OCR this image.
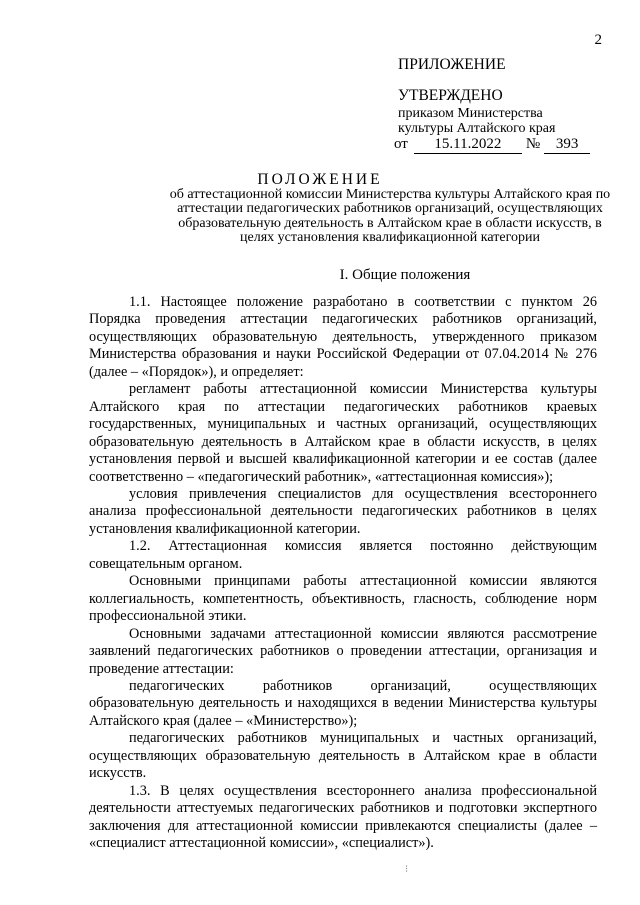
2
ПРИЛОЖЕНИЕ
УТВЕРЖДЕНО
приказом Министерства
культуры Алтайского края
от 15.11.2022 № 393
ПОЛОЖЕНИЕ
об аттестационной комиссии Министерства культуры Алтайского края по аттестации педагогических работников организаций, осуществляющих образовательную деятельность в Алтайском крае в области искусств, в целях установления квалификационной категории
I. Общие положения

1.1. Настоящее положение разработано в соответствии с пунктом 26 Порядка проведения аттестации педагогических работников организаций, осуществляющих образовательную деятельность, утвержденного приказом Министерства образования и науки Российской Федерации от 07.04.2014 № 276 (далее – «Порядок»), и определяет:

регламент работы аттестационной комиссии Министерства культуры Алтайского края по аттестации педагогических работников краевых государственных, муниципальных и частных организаций, осуществляющих образовательную деятельность в Алтайском крае в области искусств, в целях установления первой и высшей квалификационной категории и ее состав (далее соответственно – «педагогический работник», «аттестационная комиссия»);

условия привлечения специалистов для осуществления всестороннего анализа профессиональной деятельности педагогических работников в целях установления квалификационной категории.

1.2. Аттестационная комиссия является постоянно действующим совещательным органом.

Основными принципами работы аттестационной комиссии являются коллегиальность, компетентность, объективность, гласность, соблюдение норм профессиональной этики.

Основными задачами аттестационной комиссии являются рассмотрение заявлений педагогических работников о проведении аттестации, организация и проведение аттестации:

педагогических работников организаций, осуществляющих образовательную деятельность и находящихся в ведении Министерства культуры Алтайского края (далее – «Министерство»);

педагогических работников муниципальных и частных организаций, осуществляющих образовательную деятельность в Алтайском крае в области искусств.

1.3. В целях осуществления всестороннего анализа профессиональной деятельности аттестуемых педагогических работников и подготовки экспертного заключения для аттестационной комиссии привлекаются специалисты (далее – «специалист аттестационной комиссии», «специалист»).

⁝
